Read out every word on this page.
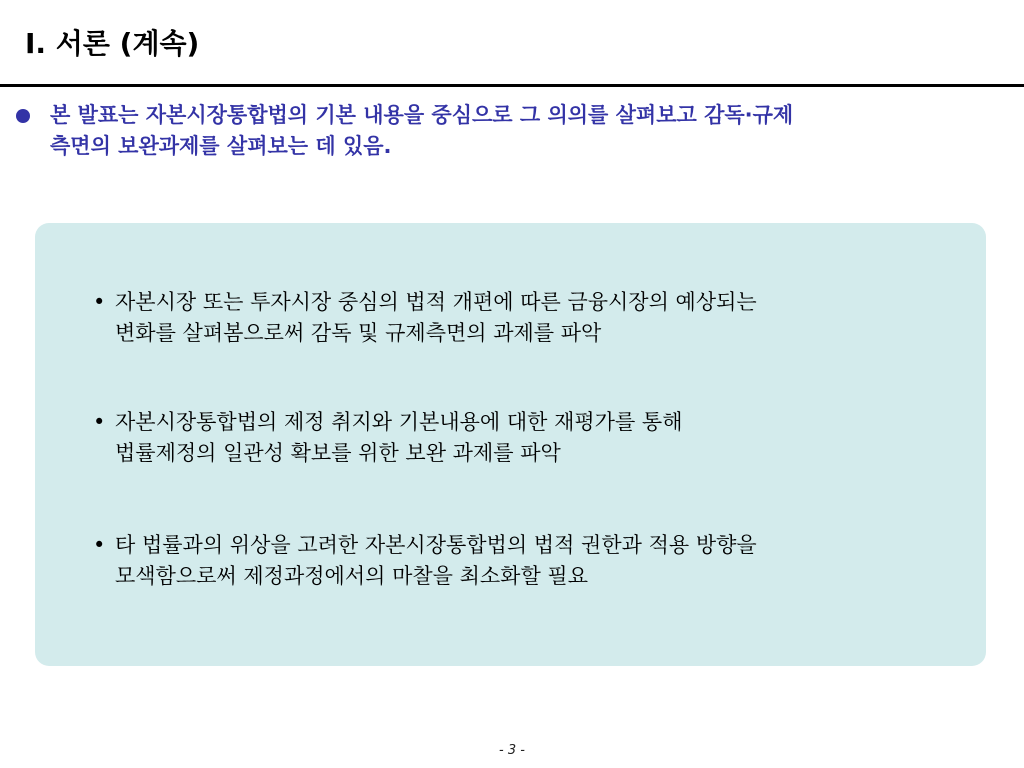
Ⅰ. 서론 (계속)
본 발표는 자본시장통합법의 기본 내용을 중심으로 그 의의를 살펴보고 감독·규제
측면의 보완과제를 살펴보는 데 있음.
• 자본시장 또는 투자시장 중심의 법적 개편에 따른 금융시장의 예상되는
변화를 살펴봄으로써 감독 및 규제측면의 과제를 파악
• 자본시장통합법의 제정 취지와 기본내용에 대한 재평가를 통해
법률제정의 일관성 확보를 위한 보완 과제를 파악
• 타 법률과의 위상을 고려한 자본시장통합법의 법적 권한과 적용 방향을
모색함으로써 제정과정에서의 마찰을 최소화할 필요
- 3 -
